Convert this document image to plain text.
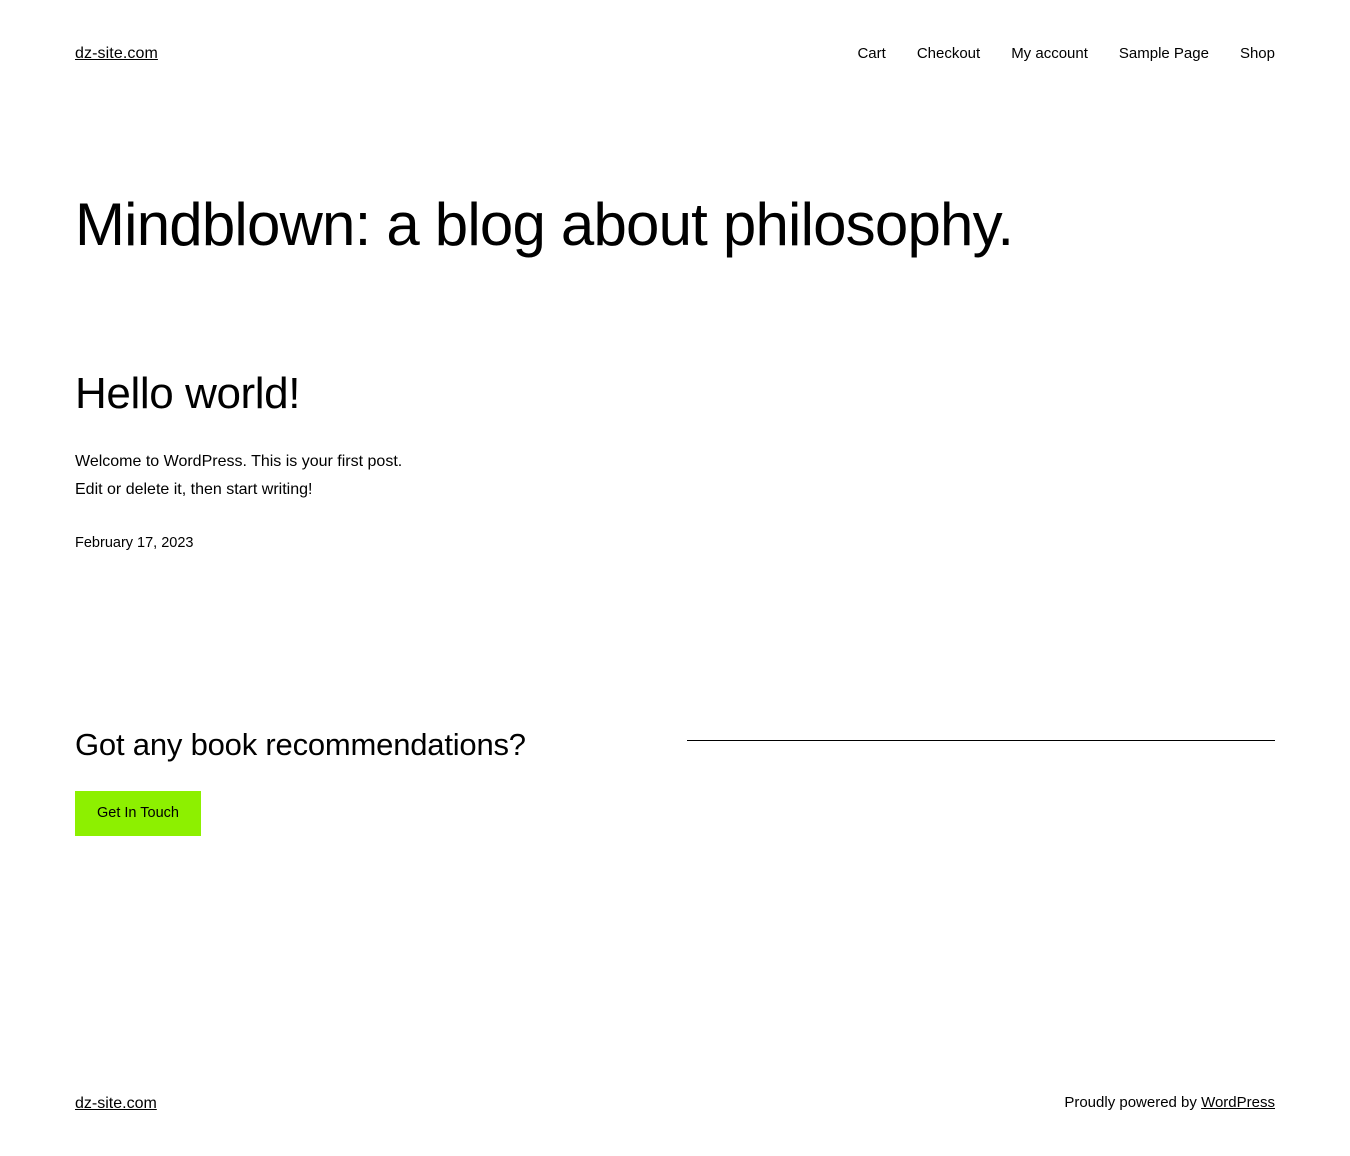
dz-site.com	Cart Checkout My account Sample Page Shop
Mindblown: a blog about philosophy.
Hello world!

Welcome to WordPress. This is your first post.
Edit or delete it, then start writing!

February 17, 2023

Got any book recommendations?
Get In Touch
dz-site.com	Proudly powered by WordPress
